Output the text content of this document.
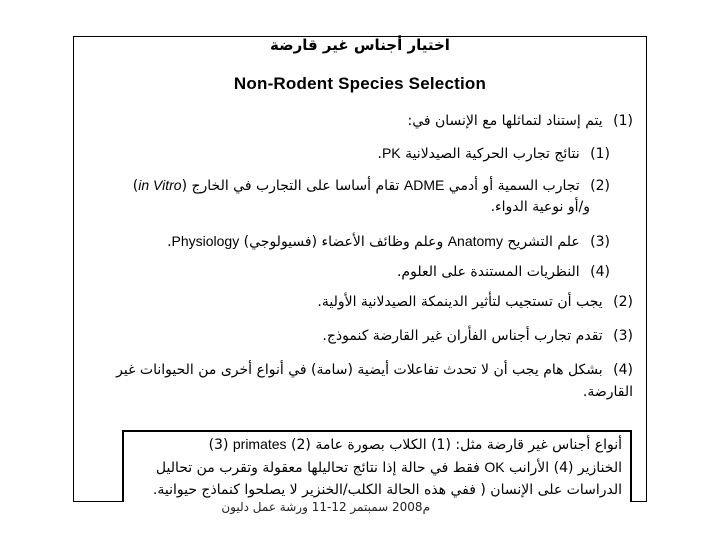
اختيار أجناس غير قارضة
Non-Rodent Species Selection
(1) يتم إستناد لتماثلها مع الإنسان في:
(1) نتائج تجارب الحركية الصيدلانية PK.
(2) تجارب السمية أو أدمي ADME تقام أساسا على التجارب في الخارج (in Vitro)
و/أو نوعية الدواء.
(3) علم التشريح Anatomy وعلم وظائف الأعضاء (فسيولوجي) Physiology.
(4) النظريات المستندة على العلوم.
(2) يجب أن تستجيب لتأثير الدينمكة الصيدلانية الأولية.
(3) تقدم تجارب أجناس الفأران غير القارضة كنموذج.
(4) بشكل هام يجب أن لا تحدث تفاعلات أيضية (سامة) في أنواع أخرى من الحيوانات غير
القارضة.
أنواع أجناس غير قارضة مثل: (1) الكلاب بصورة عامة (2) primates (3)
الخنازير (4) الأرانب OK فقط في حالة إذا نتائج تحاليلها معقولة وتقرب من تحاليل
الدراسات على الإنسان ( ففي هذه الحالة الكلب/الخنزير لا يصلحوا كنماذج حيوانية.
م2008 سمبتمر 12-11 ورشة عمل دليون
